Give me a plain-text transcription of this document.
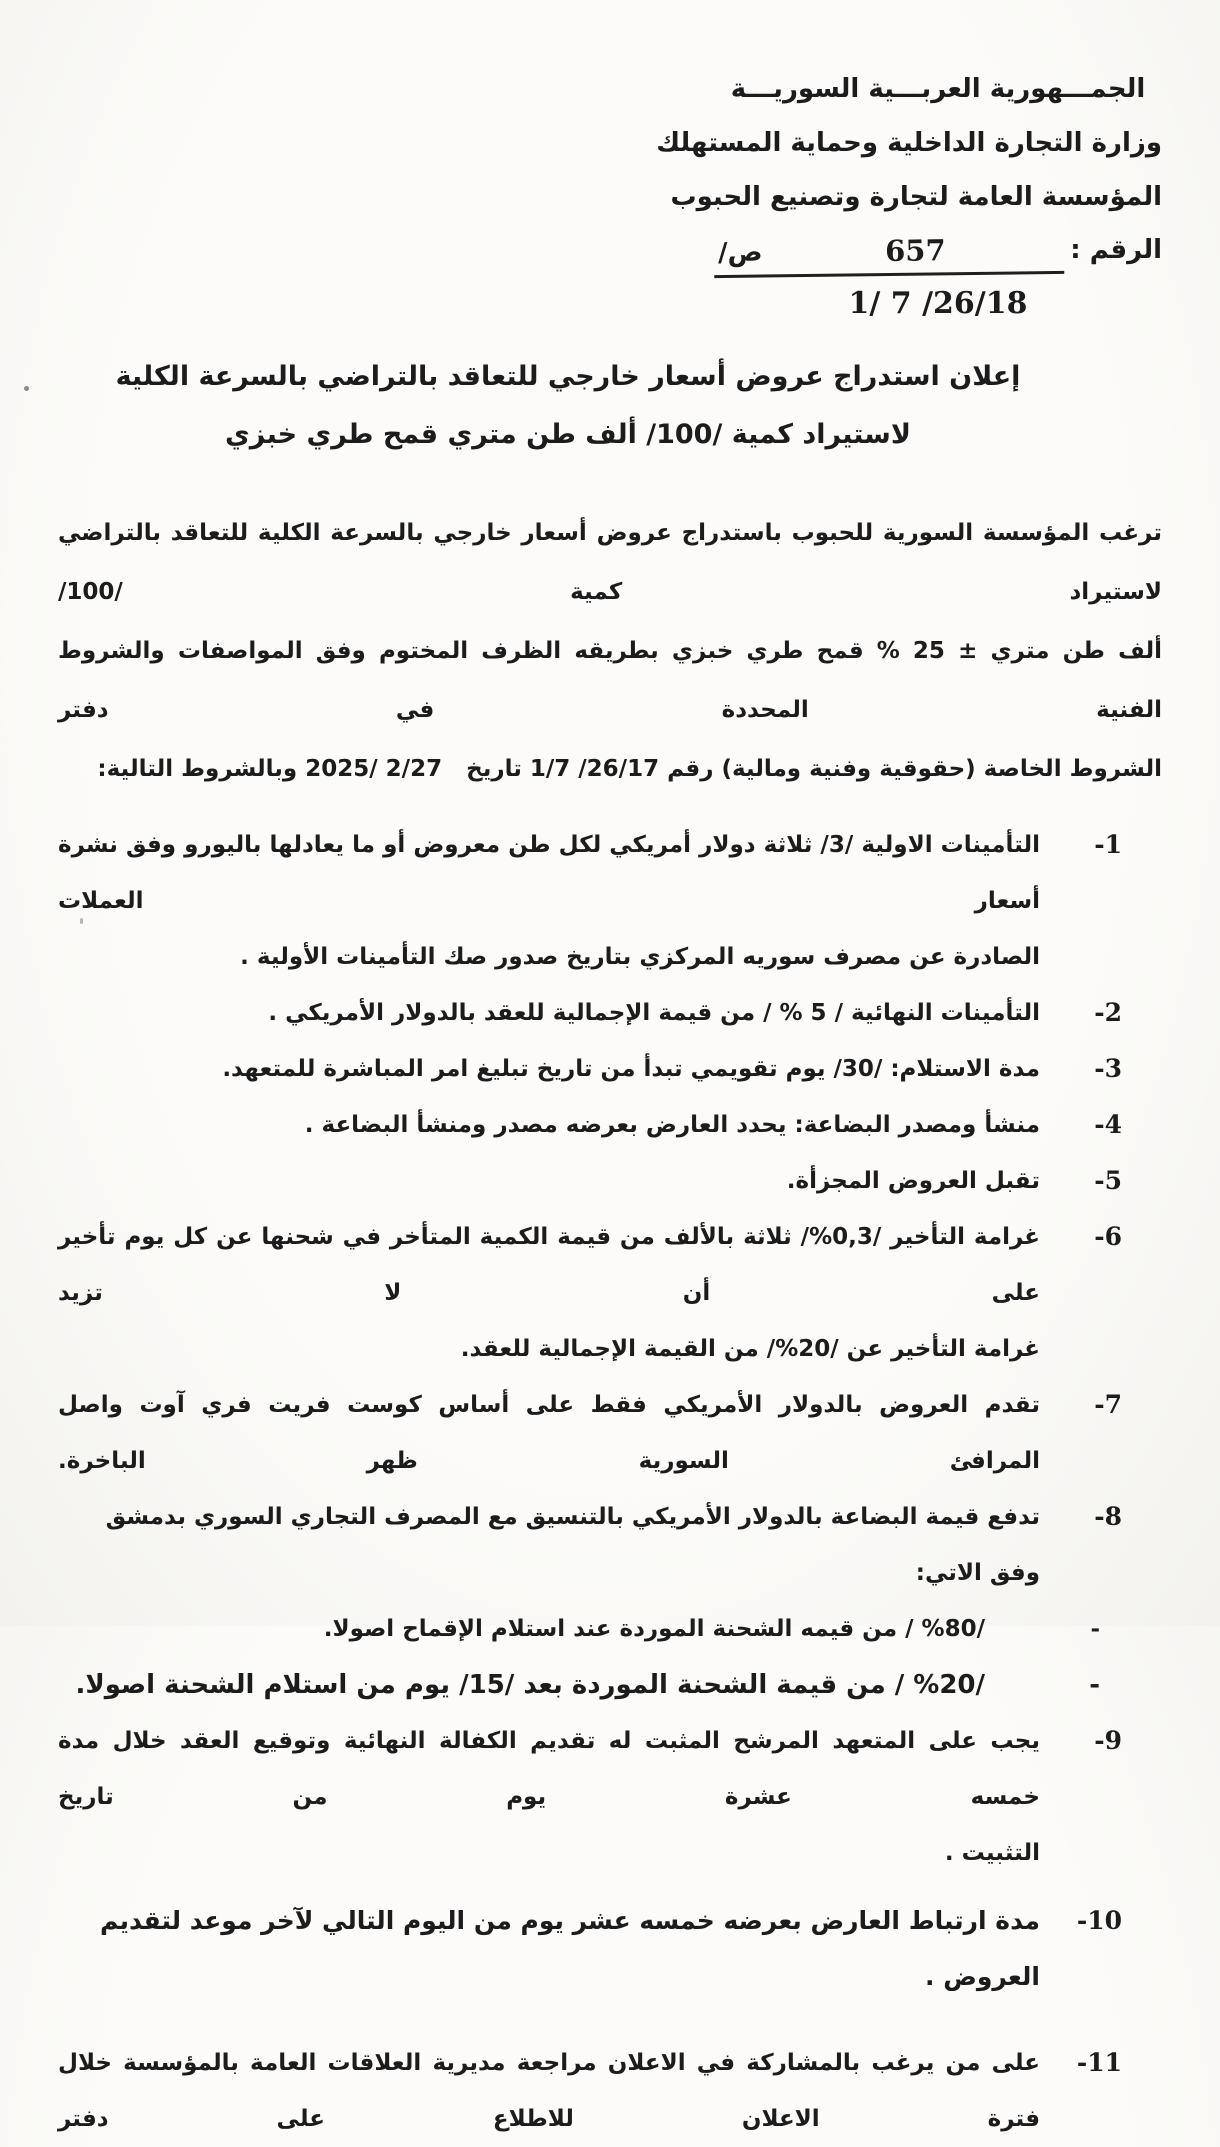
الجمـــهورية العربـــية السوريـــة
وزارة التجارة الداخلية وحماية المستهلك
المؤسسة العامة لتجارة وتصنيع الحبوب
الرقم :
657
/ص
1/ 7 /26/18
إعلان استدراج عروض أسعار خارجي للتعاقد بالتراضي بالسرعة الكلية
لاستيراد كمية ‎/100/‎ ألف طن متري قمح طري خبزي
ترغب المؤسسة السورية للحبوب باستدراج عروض أسعار خارجي بالسرعة الكلية للتعاقد بالتراضي لاستيراد كمية ‎/100/‎
ألف طن متري ‎% 25 ±‎ قمح طري خبزي بطريقه الظرف المختوم وفق المواصفات والشروط الفنية المحددة في دفتر
الشروط الخاصة (حقوقية وفنية ومالية) رقم ‎1/7 /26/17‎ تاريخ   ‎2025/ 2/27‎ وبالشروط التالية:
1-
التأمينات الاولية ‎/3/‎ ثلاثة دولار أمريكي لكل طن معروض أو ما يعادلها باليورو وفق نشرة أسعار العملات
الصادرة عن مصرف سوريه المركزي بتاريخ صدور صك التأمينات الأولية .
2-
التأمينات النهائية ‎/ % 5 /‎ من قيمة الإجمالية للعقد بالدولار الأمريكي .
3-
مدة الاستلام: ‎/30/‎ يوم تقويمي تبدأ من تاريخ تبليغ امر المباشرة للمتعهد.
4-
منشأ ومصدر البضاعة: يحدد العارض بعرضه مصدر ومنشأ البضاعة .
5-
تقبل العروض المجزأة.
6-
غرامة التأخير ‎/%0,3/‎ ثلاثة بالألف من قيمة الكمية المتأخر في شحنها عن كل يوم تأخير على أن لا تزيد
غرامة التأخير عن ‎/%20/‎ من القيمة الإجمالية للعقد.
7-
تقدم العروض بالدولار الأمريكي فقط على أساس كوست فريت فري آوت واصل المرافئ السورية ظهر الباخرة.
8-
تدفع قيمة البضاعة بالدولار الأمريكي بالتنسيق مع المصرف التجاري السوري بدمشق وفق الاتي:
-
‎/ %80/‎ من قيمه الشحنة الموردة عند استلام الإقماح اصولا.
-
‎/ %20/‎ من قيمة الشحنة الموردة بعد ‎/15/‎ يوم من استلام الشحنة اصولا.
9-
يجب على المتعهد المرشح المثبت له تقديم الكفالة النهائية وتوقيع العقد خلال مدة خمسه عشرة يوم من تاريخ
التثبيت .
10-
مدة ارتباط العارض بعرضه خمسه عشر يوم من اليوم التالي لآخر موعد لتقديم العروض .
11-
على من يرغب بالمشاركة في الاعلان مراجعة مديرية العلاقات العامة بالمؤسسة خلال فترة الاعلان للاطلاع على دفتر
